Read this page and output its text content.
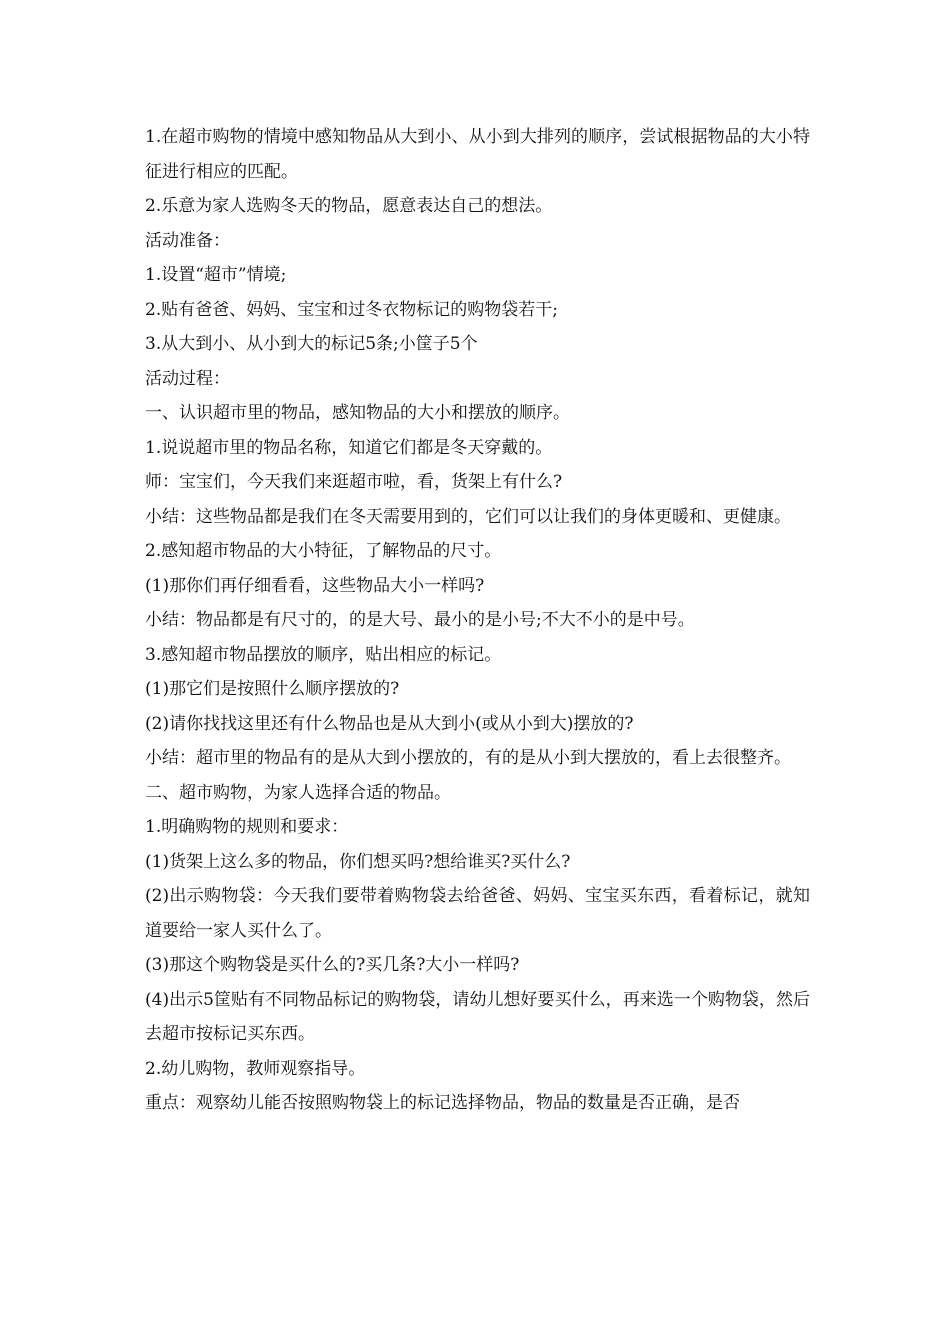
1.在超市购物的情境中感知物品从大到小、从小到大排列的顺序，尝试根据物品的大小特征进行相应的匹配。

2.乐意为家人选购冬天的物品，愿意表达自己的想法。

活动准备：

1.设置“超市”情境;

2.贴有爸爸、妈妈、宝宝和过冬衣物标记的购物袋若干;

3.从大到小、从小到大的标记5条;小筐子5个

活动过程：

一、认识超市里的物品，感知物品的大小和摆放的顺序。

1.说说超市里的物品名称，知道它们都是冬天穿戴的。

师：宝宝们，今天我们来逛超市啦，看，货架上有什么?

小结：这些物品都是我们在冬天需要用到的，它们可以让我们的身体更暖和、更健康。

2.感知超市物品的大小特征，了解物品的尺寸。

(1)那你们再仔细看看，这些物品大小一样吗?

小结：物品都是有尺寸的，的是大号、最小的是小号;不大不小的是中号。

3.感知超市物品摆放的顺序，贴出相应的标记。

(1)那它们是按照什么顺序摆放的?

(2)请你找找这里还有什么物品也是从大到小(或从小到大)摆放的?

小结：超市里的物品有的是从大到小摆放的，有的是从小到大摆放的，看上去很整齐。

二、超市购物，为家人选择合适的物品。

1.明确购物的规则和要求：

(1)货架上这么多的物品，你们想买吗?想给谁买?买什么?

(2)出示购物袋：今天我们要带着购物袋去给爸爸、妈妈、宝宝买东西，看着标记，就知道要给一家人买什么了。

(3)那这个购物袋是买什么的?买几条?大小一样吗?

(4)出示5筐贴有不同物品标记的购物袋，请幼儿想好要买什么，再来选一个购物袋，然后去超市按标记买东西。

2.幼儿购物，教师观察指导。

重点：观察幼儿能否按照购物袋上的标记选择物品，物品的数量是否正确，是否
